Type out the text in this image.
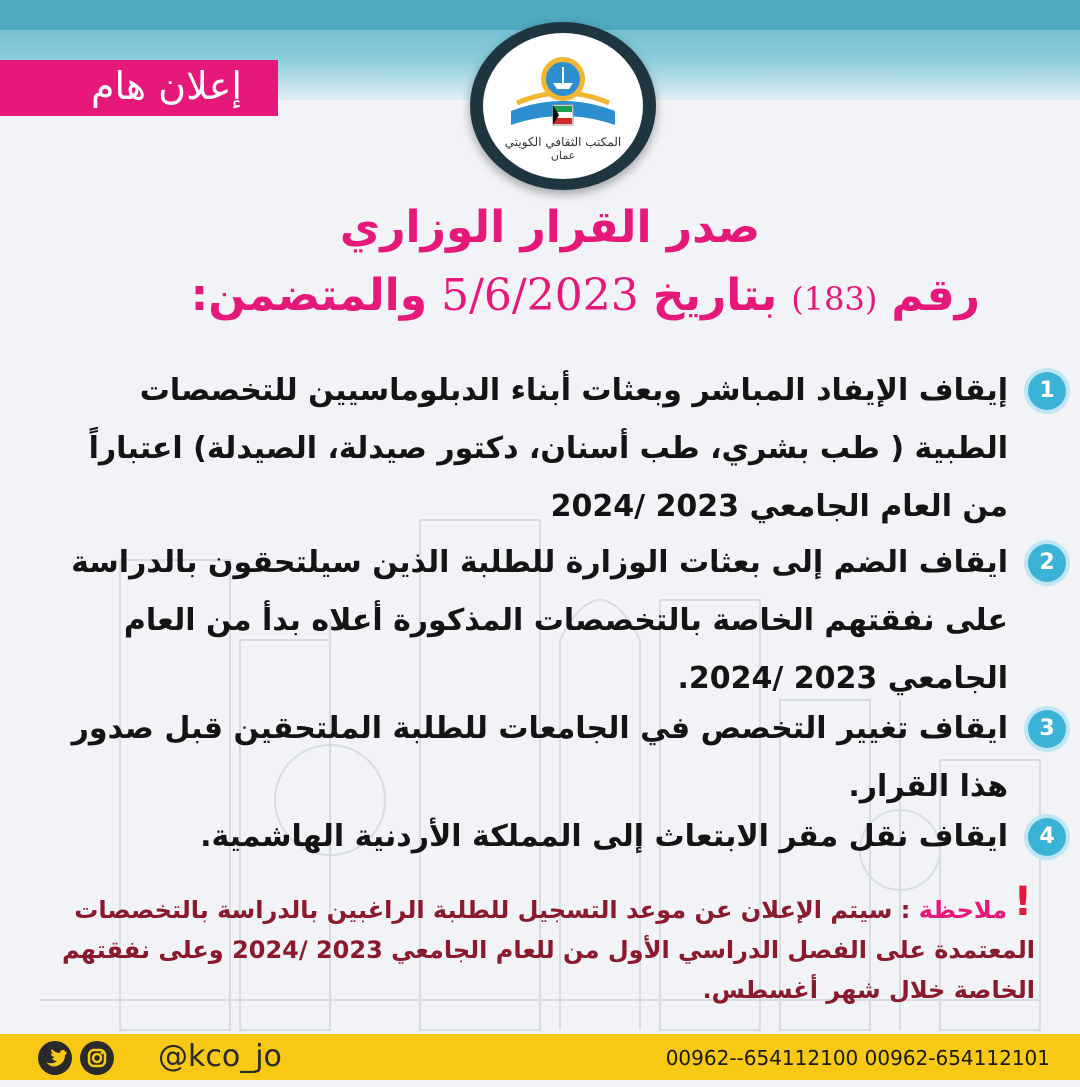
إعلان هام
المكتب الثقافي الكويتي
عمان
صدر القرار الوزاري
رقم (183) بتاريخ 5/6/2023 والمتضمن:
1
إيقاف الإيفاد المباشر وبعثات أبناء الدبلوماسيين للتخصصات الطبية ( طب بشري، طب أسنان، دكتور صيدلة، الصيدلة) اعتباراً من العام الجامعي 2023 /2024
2
ايقاف الضم إلى بعثات الوزارة للطلبة الذين سيلتحقون بالدراسة على نفقتهم الخاصة بالتخصصات المذكورة أعلاه بدأ من العام الجامعي 2023 /2024.
3
ايقاف تغيير التخصص في الجامعات للطلبة الملتحقين قبل صدور هذا القرار.
4
ايقاف نقل مقر الابتعاث إلى المملكة الأردنية الهاشمية.
!
ملاحظة : سيتم الإعلان عن موعد التسجيل للطلبة الراغبين بالدراسة بالتخصصات المعتمدة على الفصل الدراسي الأول من للعام الجامعي 2023 /2024 وعلى نفقتهم الخاصة خلال شهر أغسطس.
@kco_jo	00962--654112100 00962-654112101
